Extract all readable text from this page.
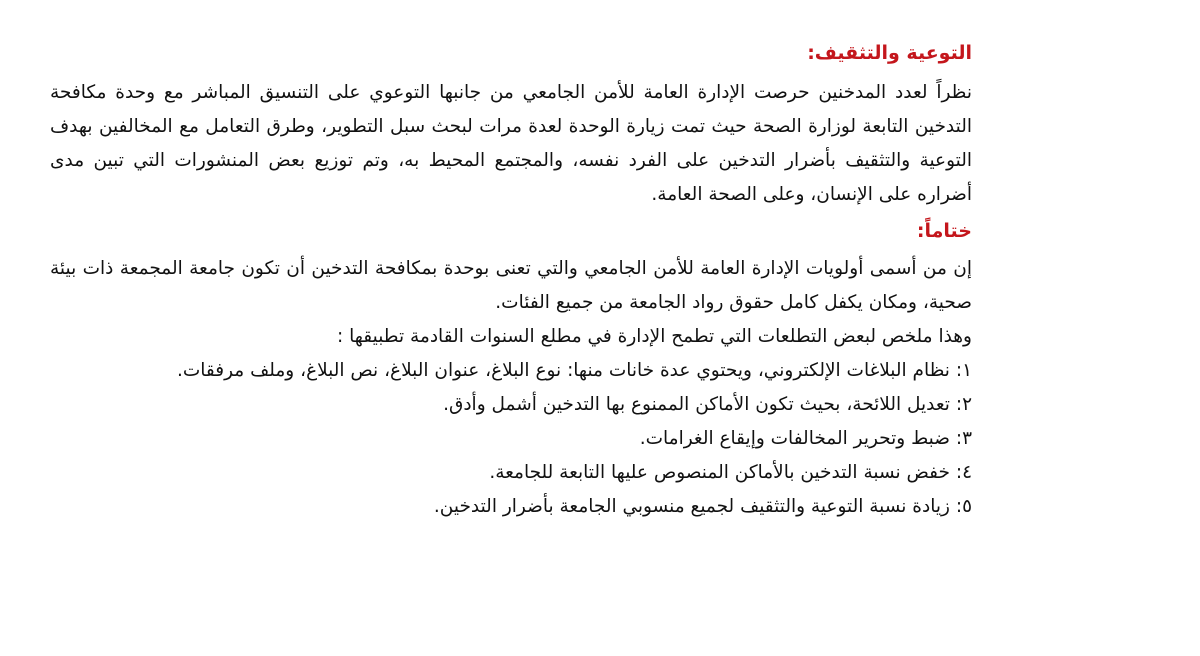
التوعية والتثقيف:

نظراً لعدد المدخنين حرصت الإدارة العامة للأمن الجامعي من جانبها التوعوي على التنسيق المباشر مع وحدة مكافحة التدخين التابعة لوزارة الصحة حيث تمت زيارة الوحدة لعدة مرات لبحث سبل التطوير، وطرق التعامل مع المخالفين بهدف التوعية والتثقيف بأضرار التدخين على الفرد نفسه، والمجتمع المحيط به، وتم توزيع بعض المنشورات التي تبين مدى أضراره على الإنسان، وعلى الصحة العامة.

ختاماً:

إن من أسمى أولويات الإدارة العامة للأمن الجامعي والتي تعنى بوحدة بمكافحة التدخين أن تكون جامعة المجمعة ذات بيئة صحية، ومكان يكفل كامل حقوق رواد الجامعة من جميع الفئات.

وهذا ملخص لبعض التطلعات التي تطمح الإدارة في مطلع السنوات القادمة تطبيقها :

١: نظام البلاغات الإلكتروني، ويحتوي عدة خانات منها: نوع البلاغ، عنوان البلاغ، نص البلاغ، وملف مرفقات.

٢: تعديل اللائحة، بحيث تكون الأماكن الممنوع بها التدخين أشمل وأدق.

٣: ضبط وتحرير المخالفات وإيقاع الغرامات.

٤: خفض نسبة التدخين بالأماكن المنصوص عليها التابعة للجامعة.

٥: زيادة نسبة التوعية والتثقيف لجميع منسوبي الجامعة بأضرار التدخين.
